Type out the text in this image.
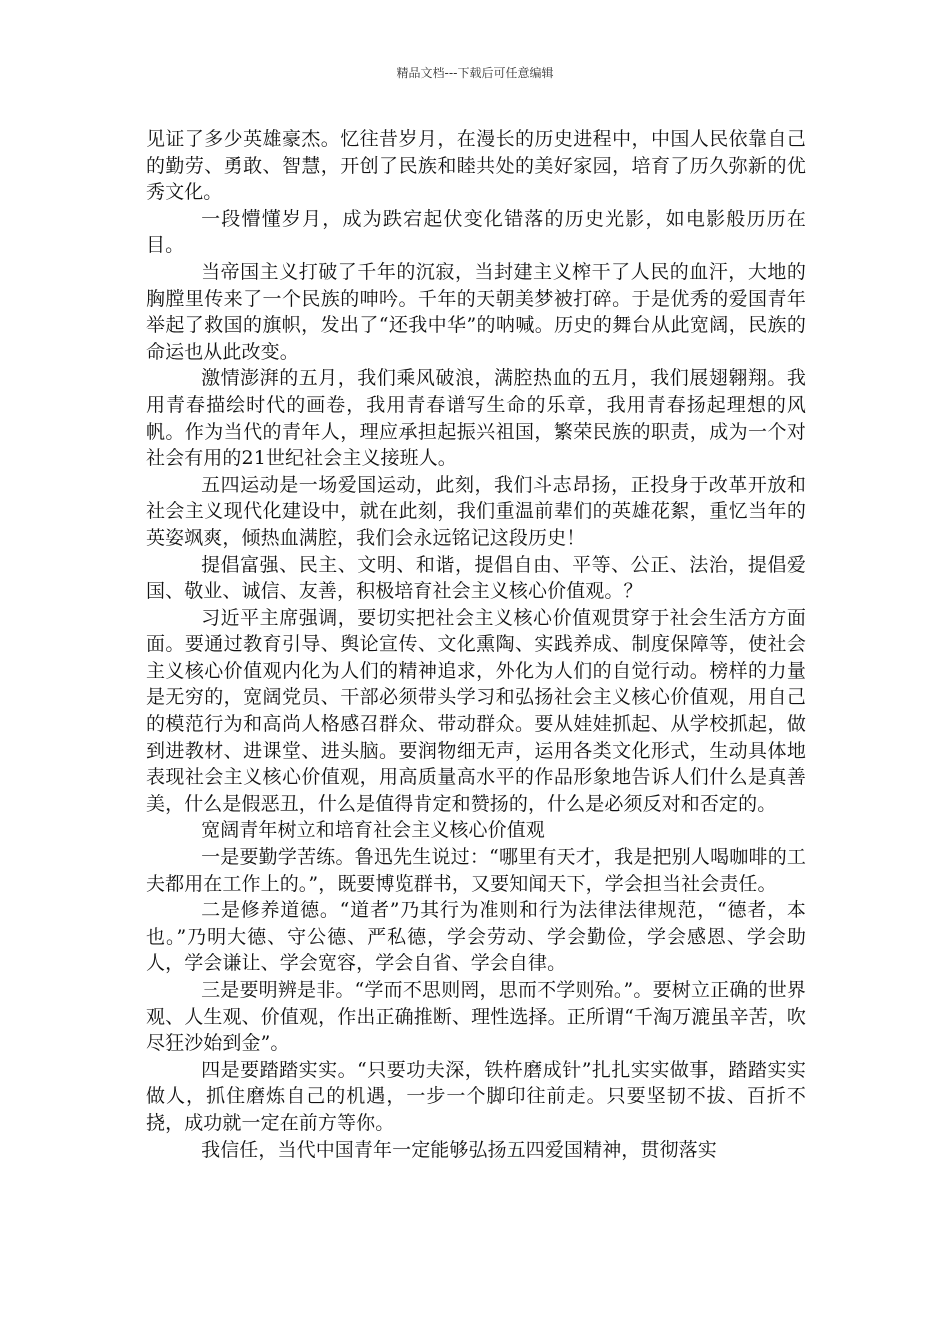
精品文档---下载后可任意编辑

见证了多少英雄豪杰。忆往昔岁月，在漫长的历史进程中，中国人民依靠自己的勤劳、勇敢、智慧，开创了民族和睦共处的美好家园，培育了历久弥新的优秀文化。

一段懵懂岁月，成为跌宕起伏变化错落的历史光影，如电影般历历在目。

当帝国主义打破了千年的沉寂，当封建主义榨干了人民的血汗，大地的胸膛里传来了一个民族的呻吟。千年的天朝美梦被打碎。于是优秀的爱国青年举起了救国的旗帜，发出了“还我中华”的呐喊。历史的舞台从此宽阔，民族的命运也从此改变。

激情澎湃的五月，我们乘风破浪，满腔热血的五月，我们展翅翱翔。我用青春描绘时代的画卷，我用青春谱写生命的乐章，我用青春扬起理想的风帆。作为当代的青年人，理应承担起振兴祖国，繁荣民族的职责，成为一个对社会有用的21世纪社会主义接班人。

五四运动是一场爱国运动，此刻，我们斗志昂扬，正投身于改革开放和社会主义现代化建设中，就在此刻，我们重温前辈们的英雄花絮，重忆当年的英姿飒爽，倾热血满腔，我们会永远铭记这段历史！

提倡富强、民主、文明、和谐，提倡自由、平等、公正、法治，提倡爱国、敬业、诚信、友善，积极培育社会主义核心价值观。？

习近平主席强调，要切实把社会主义核心价值观贯穿于社会生活方方面面。要通过教育引导、舆论宣传、文化熏陶、实践养成、制度保障等，使社会主义核心价值观内化为人们的精神追求，外化为人们的自觉行动。榜样的力量是无穷的，宽阔党员、干部必须带头学习和弘扬社会主义核心价值观，用自己的模范行为和高尚人格感召群众、带动群众。要从娃娃抓起、从学校抓起，做到进教材、进课堂、进头脑。要润物细无声，运用各类文化形式，生动具体地表现社会主义核心价值观，用高质量高水平的作品形象地告诉人们什么是真善美，什么是假恶丑，什么是值得肯定和赞扬的，什么是必须反对和否定的。

宽阔青年树立和培育社会主义核心价值观

一是要勤学苦练。鲁迅先生说过：“哪里有天才，我是把别人喝咖啡的工夫都用在工作上的。”，既要博览群书，又要知闻天下，学会担当社会责任。

二是修养道德。“道者”乃其行为准则和行为法律法律规范，“德者，本也。”乃明大德、守公德、严私德，学会劳动、学会勤俭，学会感恩、学会助人，学会谦让、学会宽容，学会自省、学会自律。

三是要明辨是非。“学而不思则罔，思而不学则殆。”。要树立正确的世界观、人生观、价值观，作出正确推断、理性选择。正所谓“千淘万漉虽辛苦，吹尽狂沙始到金”。

四是要踏踏实实。“只要功夫深，铁杵磨成针”扎扎实实做事，踏踏实实做人，抓住磨炼自己的机遇，一步一个脚印往前走。只要坚韧不拔、百折不挠，成功就一定在前方等你。

我信任，当代中国青年一定能够弘扬五四爱国精神，贯彻落实
